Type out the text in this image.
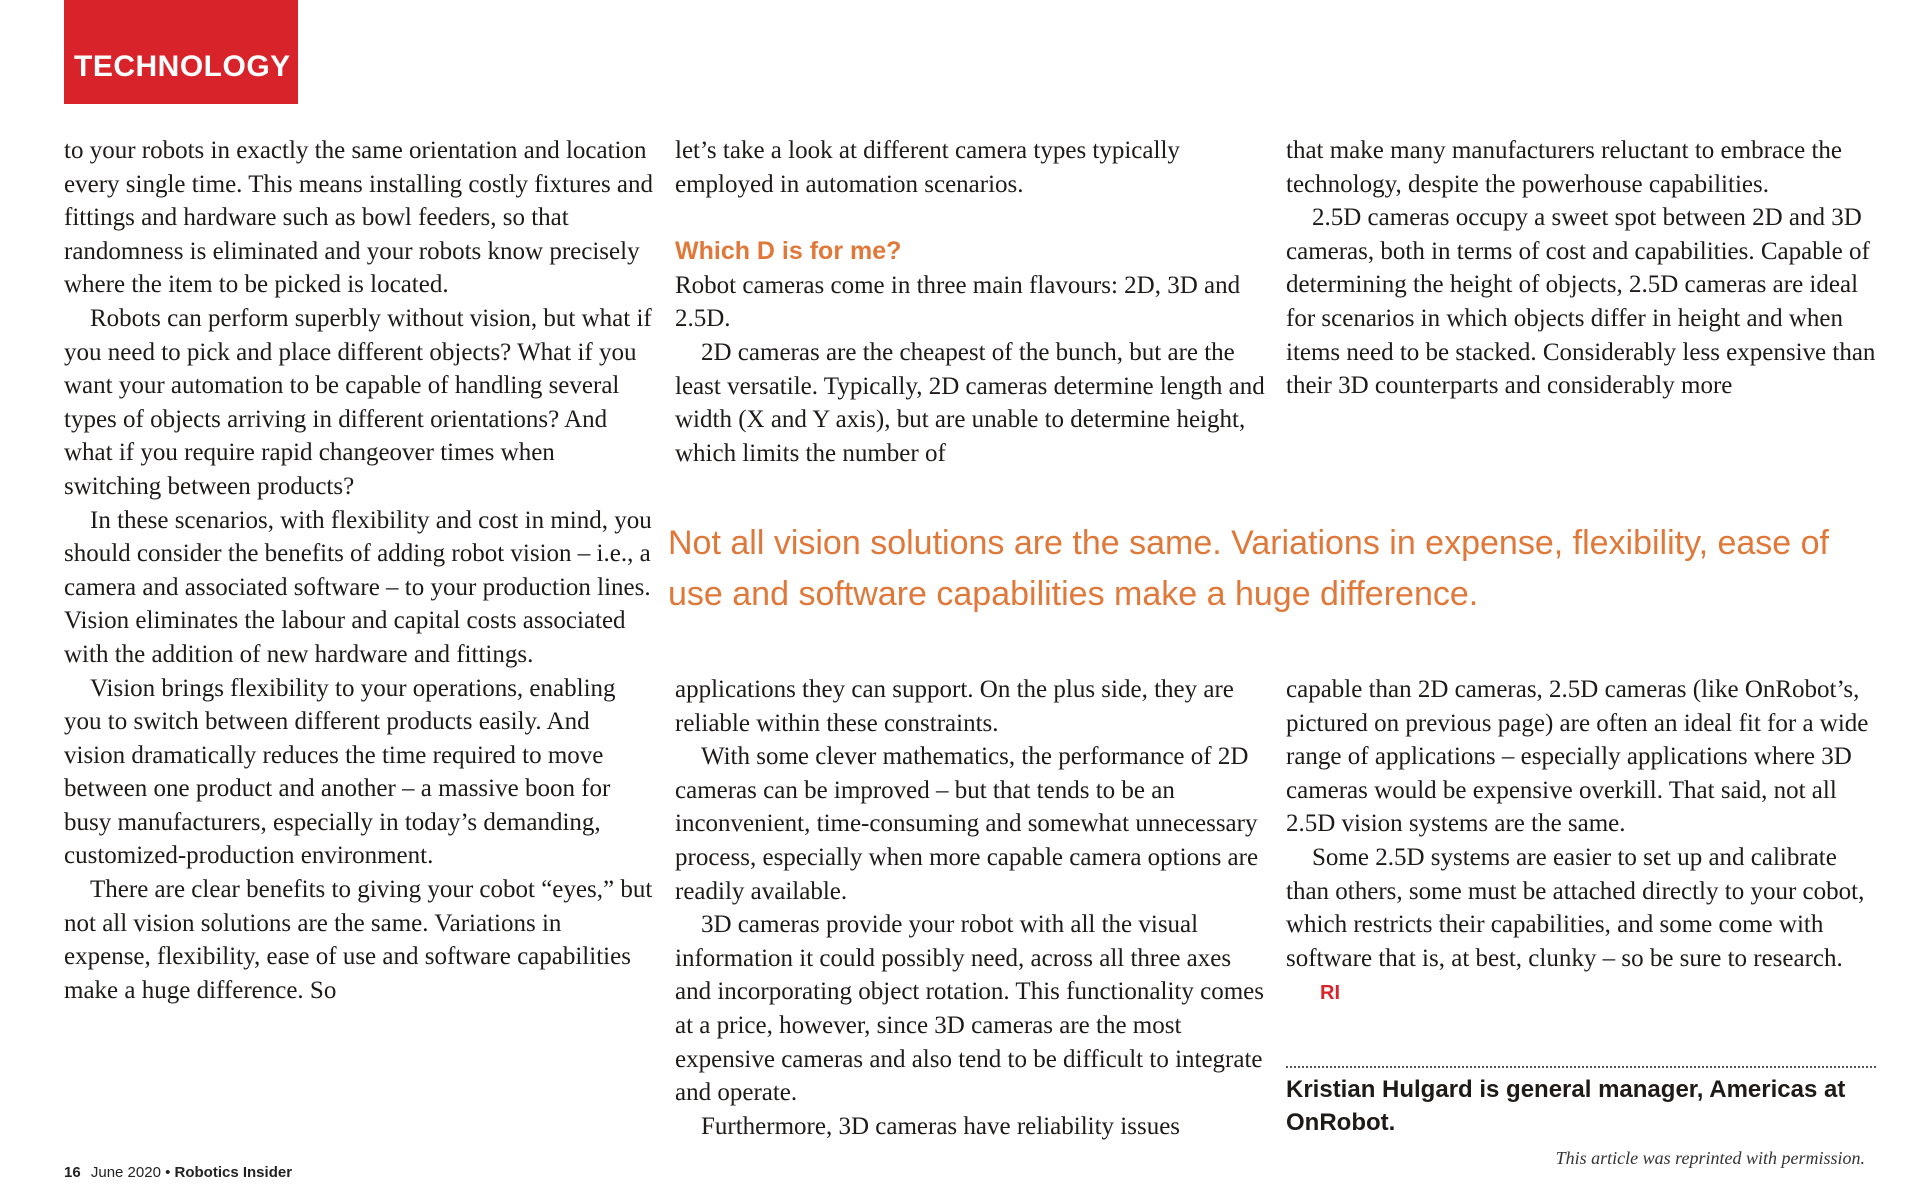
TECHNOLOGY

to your robots in exactly the same orientation and location every single time. This means installing costly fixtures and fittings and hardware such as bowl feeders, so that randomness is eliminated and your robots know precisely where the item to be picked is located.

Robots can perform superbly without vision, but what if you need to pick and place different objects? What if you want your automation to be capable of handling several types of objects arriving in different orientations? And what if you require rapid changeover times when switching between products?

In these scenarios, with flexibility and cost in mind, you should consider the benefits of adding robot vision – i.e., a camera and associated software – to your production lines. Vision eliminates the labour and capital costs associated with the addition of new hardware and fittings.

Vision brings flexibility to your operations, enabling you to switch between different products easily. And vision dramatically reduces the time required to move between one product and another – a massive boon for busy manufacturers, especially in today’s demanding, customized-production environment.

There are clear benefits to giving your cobot “eyes,” but not all vision solutions are the same. Variations in expense, flexibility, ease of use and software capabilities make a huge difference. So

let’s take a look at different camera types typically employed in automation scenarios.

Which D is for me?

Robot cameras come in three main flavours: 2D, 3D and 2.5D.

2D cameras are the cheapest of the bunch, but are the least versatile. Typically, 2D cameras determine length and width (X and Y axis), but are unable to determine height, which limits the number of

that make many manufacturers reluctant to embrace the technology, despite the powerhouse capabilities.

2.5D cameras occupy a sweet spot between 2D and 3D cameras, both in terms of cost and capabilities. Capable of determining the height of objects, 2.5D cameras are ideal for scenarios in which objects differ in height and when items need to be stacked. Considerably less expensive than their 3D counterparts and considerably more

Not all vision solutions are the same. Variations in expense, flexibility, ease of use and software capabilities make a huge difference.

applications they can support. On the plus side, they are reliable within these constraints.

With some clever mathematics, the performance of 2D cameras can be improved – but that tends to be an inconvenient, time-consuming and somewhat unnecessary process, especially when more capable camera options are readily available.

3D cameras provide your robot with all the visual information it could possibly need, across all three axes and incorporating object rotation. This functionality comes at a price, however, since 3D cameras are the most expensive cameras and also tend to be difficult to integrate and operate.

Furthermore, 3D cameras have reliability issues

capable than 2D cameras, 2.5D cameras (like OnRobot’s, pictured on previous page) are often an ideal fit for a wide range of applications – especially applications where 3D cameras would be expensive overkill. That said, not all 2.5D vision systems are the same.

Some 2.5D systems are easier to set up and calibrate than others, some must be attached directly to your cobot, which restricts their capabilities, and some come with software that is, at best, clunky – so be sure to research.RI

Kristian Hulgard is general manager, Americas at OnRobot.
This article was reprinted with permission.
16 June 2020 • Robotics Insider
